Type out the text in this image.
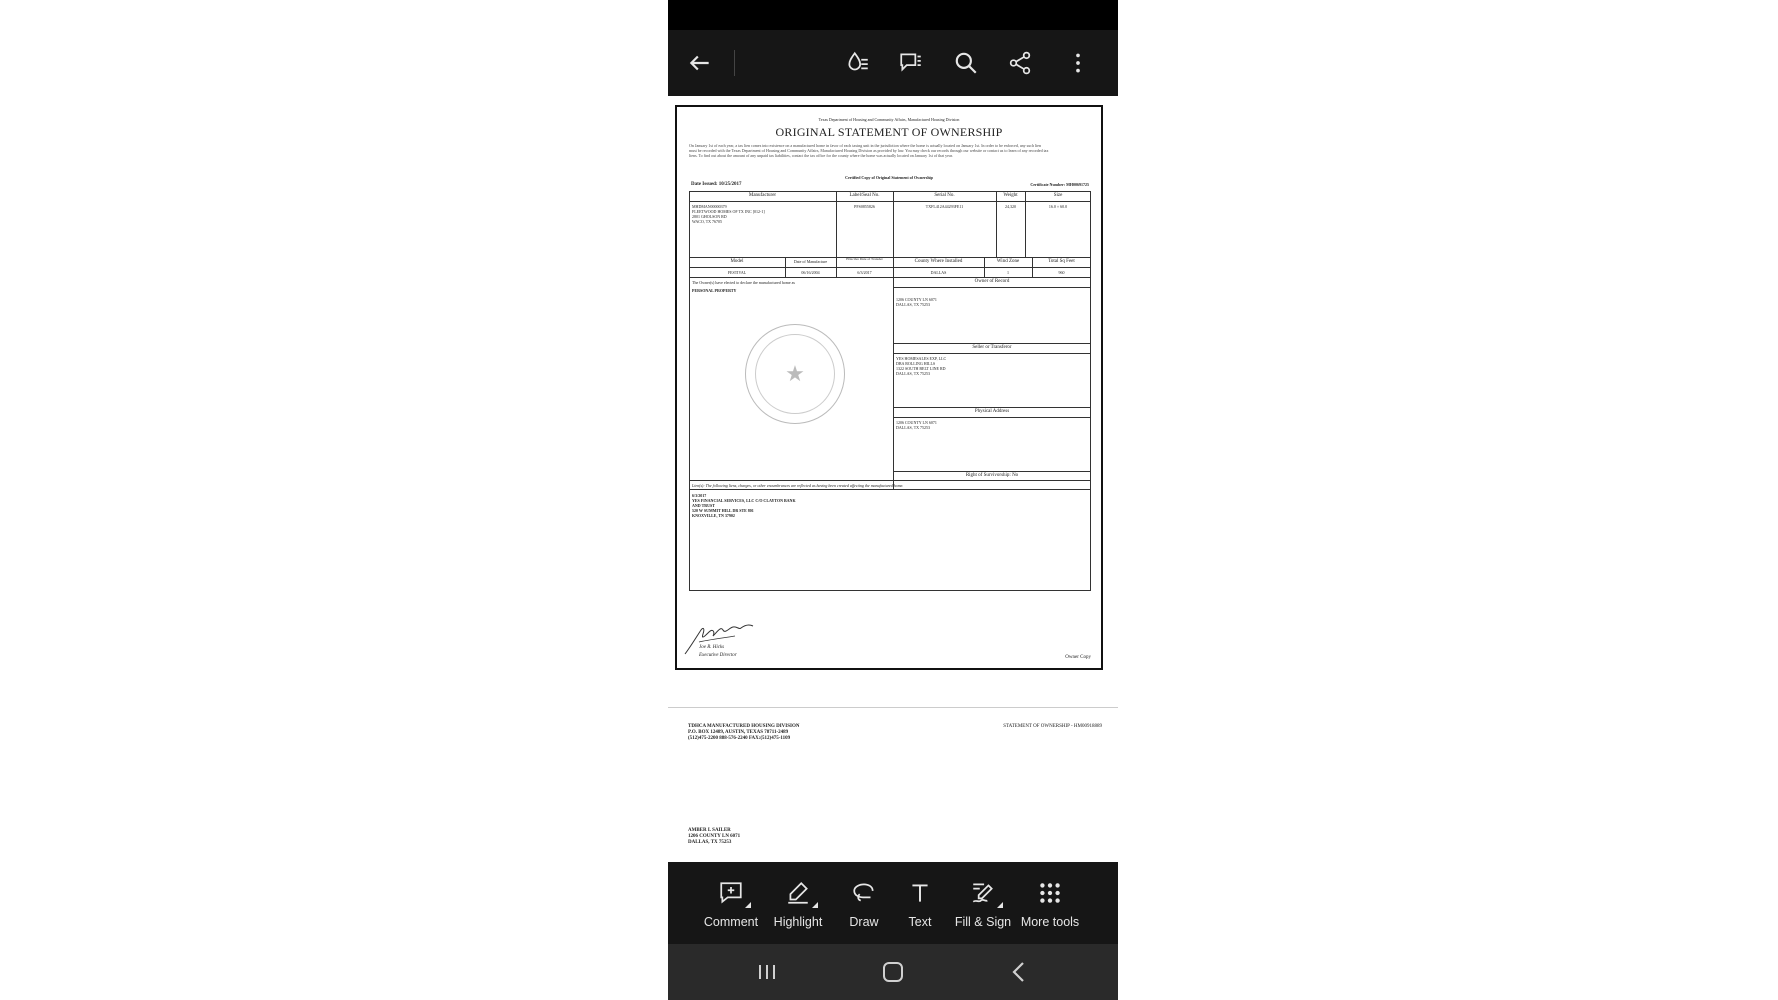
Texas Department of Housing and Community Affairs, Manufactured Housing Division
ORIGINAL STATEMENT OF OWNERSHIP
On January 1st of each year, a tax lien comes into existence on a manufactured home in favor of each taxing unit in the jurisdiction where the home is actually located on January 1st. In order to be enforced, any such lien must be recorded with the Texas Department of Housing and Community Affairs, Manufactured Housing Division as provided by law. You may check our records through our website or contact us to learn of any recorded tax liens. To find out about the amount of any unpaid tax liabilities, contact the tax office for the county where the home was actually located on January 1st of that year.
Certified Copy of Original Statement of Ownership
Date Issued: 10/25/2017	Certificate Number: MH00691725
Manufacturer	Label/Seal No.	Serial No.	Weight	Size
MHDMAN00000379
FLEETWOOD HOMES OF TX INC [012-1]
2801 GHOLSON RD
WACO, TX 76705
PFS0855826	TXFL412A44293FE11	24,320	16.0 × 60.0
Model	Date of Manufacture	Effective Date of Transfer	County Where Installed	Wind Zone	Total Sq Feet
FESTIVAL	06/16/2004	6/3/2017	DALLAS	1	960
The Owner(s) have elected to declare the manufactured home as
PERSONAL PROPERTY
★
Owner of Record
1206 COUNTY LN 6071
DALLAS, TX 75253
Seller or Transferor
YES HOMESALES EXP, LLC
DBA ROLLING HILLS
1322 SOUTH BELT LINE RD
DALLAS, TX 75253
Physical Address
1206 COUNTY LN 6071
DALLAS, TX 75253
Right of Survivorship: No
Lien(s): The following liens, charges, or other encumbrances are reflected as having been created affecting the manufactured home.
6/3/2017
YES FINANCIAL SERVICES, LLC C/O CLAYTON BANK
AND TRUST
520 W SUMMIT HILL DR STE 801
KNOXVILLE, TN 37902
Joe R. Hicks
Executive Director	Owner Copy
TDHCA MANUFACTURED HOUSING DIVISION
P.O. BOX 12489, AUSTIN, TEXAS 78711-2489
(512)475-2200 888-576-2240 FAX:(512)475-1109
STATEMENT OF OWNERSHIP - HM00918889
AMBER L SAILER
1206 COUNTY LN 6071
DALLAS, TX 75253
Comment	Highlight	Draw	Text	Fill & Sign More tools
